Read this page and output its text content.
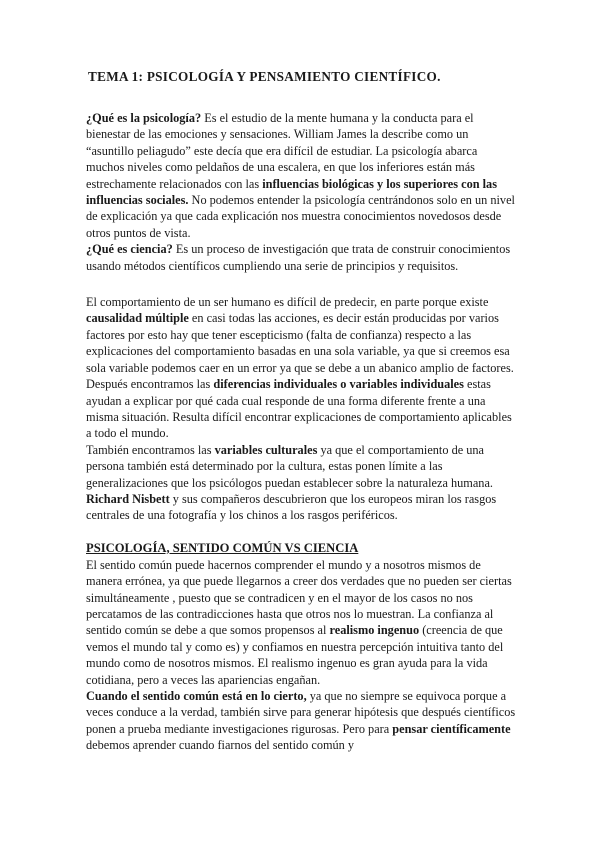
TEMA 1: PSICOLOGÍA Y PENSAMIENTO CIENTÍFICO.

¿Qué es la psicología? Es el estudio de la mente humana y la conducta para el bienestar de las emociones y sensaciones. William James la describe como un “asuntillo peliagudo” este decía que era difícil de estudiar. La psicología abarca muchos niveles como peldaños de una escalera, en que los inferiores están más estrechamente relacionados con las influencias biológicas y los superiores con las influencias sociales. No podemos entender la psicología centrándonos solo en un nivel de explicación ya que cada explicación nos muestra conocimientos novedosos desde otros puntos de vista.

¿Qué es ciencia? Es un proceso de investigación que trata de construir conocimientos usando métodos científicos cumpliendo una serie de principios y requisitos.

El comportamiento de un ser humano es difícil de predecir, en parte porque existe causalidad múltiple en casi todas las acciones, es decir están producidas por varios factores por esto hay que tener escepticismo (falta de confianza) respecto a las explicaciones del comportamiento basadas en una sola variable, ya que si creemos esa sola variable podemos caer en un error ya que se debe a un abanico amplio de factores.

Después encontramos las diferencias individuales o variables individuales estas ayudan a explicar por qué cada cual responde de una forma diferente frente a una misma situación. Resulta difícil encontrar explicaciones de comportamiento aplicables a todo el mundo.

También encontramos las variables culturales ya que el comportamiento de una persona también está determinado por la cultura, estas ponen límite a las generalizaciones que los psicólogos puedan establecer sobre la naturaleza humana. Richard Nisbett y sus compañeros descubrieron que los europeos miran los rasgos centrales de una fotografía y los chinos a los rasgos periféricos.

PSICOLOGÍA, SENTIDO COMÚN VS CIENCIA

El sentido común puede hacernos comprender el mundo y a nosotros mismos de manera errónea, ya que puede llegarnos a creer dos verdades que no pueden ser ciertas simultáneamente , puesto que se contradicen y en el mayor de los casos no nos percatamos de las contradicciones hasta que otros nos lo muestran. La confianza al sentido común se debe a que somos propensos al realismo ingenuo (creencia de que vemos el mundo tal y como es) y confiamos en nuestra percepción intuitiva tanto del mundo como de nosotros mismos. El realismo ingenuo es gran ayuda para la vida cotidiana, pero a veces las apariencias engañan.

Cuando el sentido común está en lo cierto, ya que no siempre se equivoca porque a veces conduce a la verdad, también sirve para generar hipótesis que después científicos ponen a prueba mediante investigaciones rigurosas. Pero para pensar científicamente debemos aprender cuando fiarnos del sentido común y
